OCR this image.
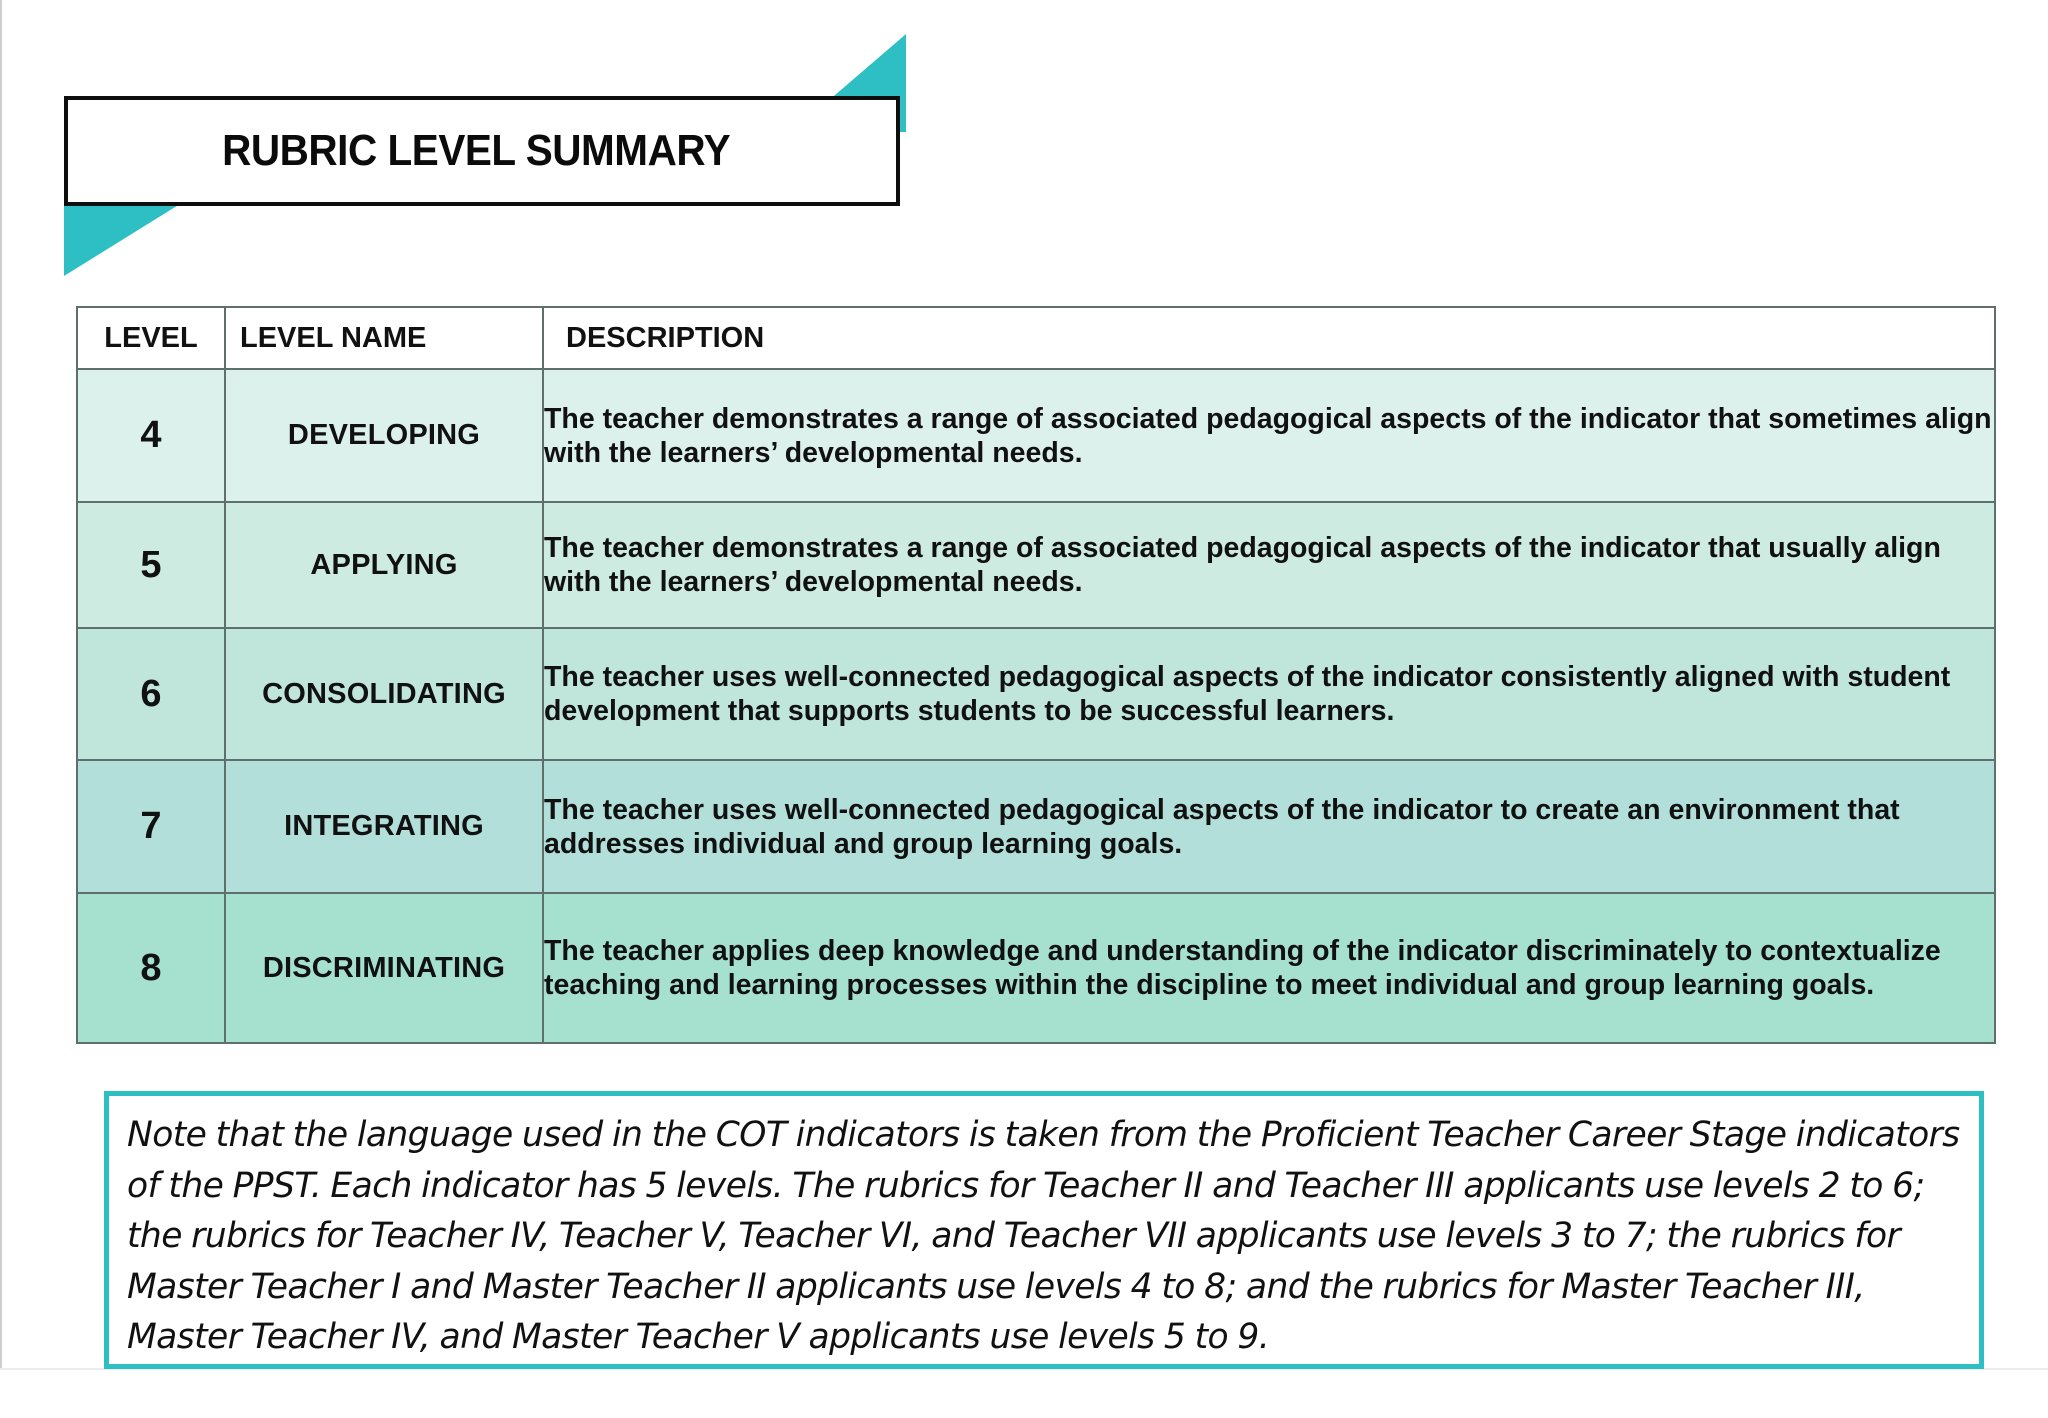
RUBRIC LEVEL SUMMARY
LEVEL	LEVEL NAME	DESCRIPTION
4	DEVELOPING	The teacher demonstrates a range of associated pedagogical aspects of the indicator that sometimes align with the learners’ developmental needs.
5	APPLYING	The teacher demonstrates a range of associated pedagogical aspects of the indicator that usually align with the learners’ developmental needs.
6	CONSOLIDATING	The teacher uses well-connected pedagogical aspects of the indicator consistently aligned with student development that supports students to be successful learners.
7	INTEGRATING	The teacher uses well-connected pedagogical aspects of the indicator to create an environment that addresses individual and group learning goals.
8	DISCRIMINATING	The teacher applies deep knowledge and understanding of the indicator discriminately to contextualize teaching and learning processes within the discipline to meet individual and group learning goals.
Note that the language used in the COT indicators is taken from the Proficient Teacher Career Stage indicators of the PPST. Each indicator has 5 levels. The rubrics for Teacher II and Teacher III applicants use levels 2 to 6; the rubrics for Teacher IV, Teacher V, Teacher VI, and Teacher VII applicants use levels 3 to 7; the rubrics for Master Teacher I and Master Teacher II applicants use levels 4 to 8; and the rubrics for Master Teacher III, Master Teacher IV, and Master Teacher V applicants use levels 5 to 9.
